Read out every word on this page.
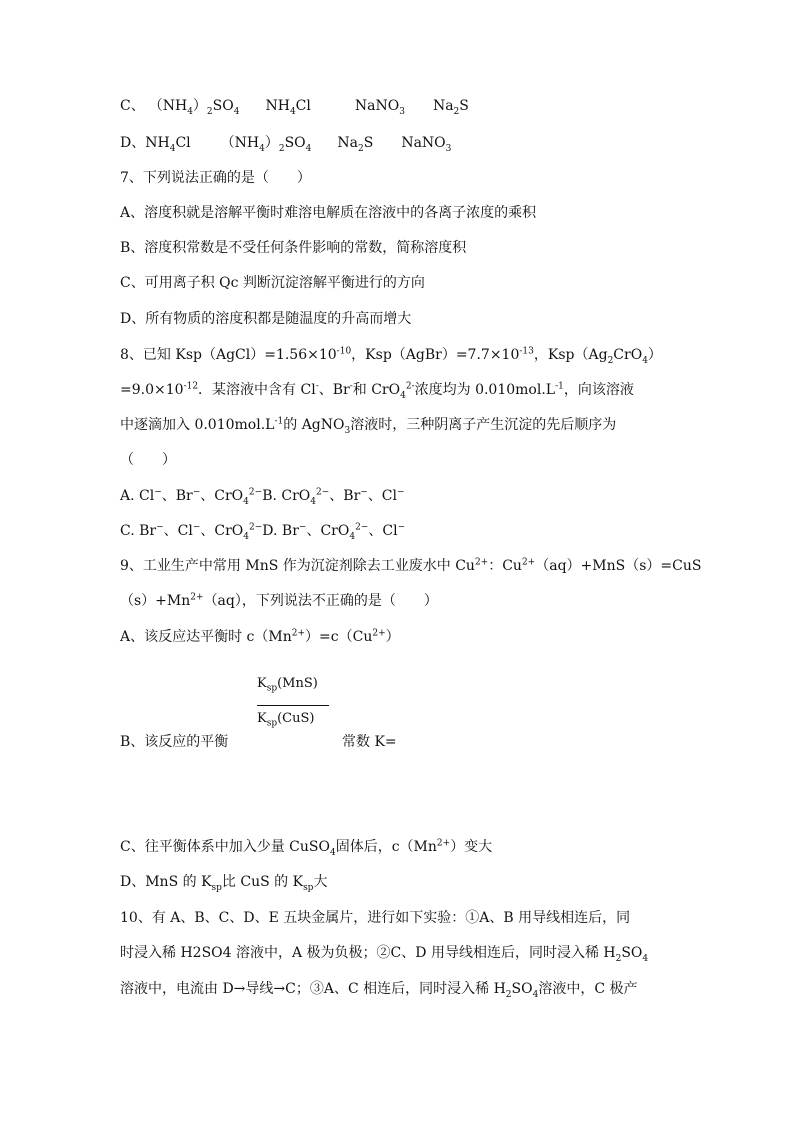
C、 $(NH_4)_2SO_4$ $NH_4Cl$	NaNO$_3$ $Na_2S$
D、$NH_4Cl$ $(NH_4)_2SO_4$ $Na_2S$ NaNO$_3$
7、下列说法正确的是（　　）
A、溶度积就是溶解平衡时难溶电解质在溶液中的各离子浓度的乘积
B、溶度积常数是不受任何条件影响的常数，简称溶度积
C、可用离子积 Qc 判断沉淀溶解平衡进行的方向
D、所有物质的溶度积都是随温度的升高而增大
8、已知 $Ksp(AgCl)=1.56\times 10^{-10}$，$Ksp(AgBr)=7.7\times 10^{-13}$，$Ksp(Ag_2CrO_4)$
$=9.0\times 10^{-12}$．某溶液中含有 Cl-、Br-和 CrO$_4^{2-}$浓度均为 $0.010mol.L^{-1}$，向该溶液
中逐滴加入 $0.010mol.L^{-1}$的 AgNO$_3$溶液时，三种阴离子产生沉淀的先后顺序为
（　　）
A. Cl−、Br−、CrO$_4^{2-}$B. CrO$_4^{2-}$、Br−、Cl−
C. Br−、Cl−、CrO$_4^{2-}$D. Br−、CrO$_4^{2-}$、Cl−
9、工业生产中常用 MnS 作为沉淀剂除去工业废水中 $Cu^{2+}$：$Cu^{2+}(aq)+MnS(s)=CuS$
$(s)+Mn^{2+}(aq)$，下列说法不正确的是（　　）
A、该反应达平衡时 $c(Mn^{2+})=c(Cu^{2+})$
$K_{sp}(MnS)$
$K_{sp}(CuS)$
B、该反应的平衡	常数 K=
C、往平衡体系中加入少量 CuSO$_4$固体后，$c(Mn^{2+})$变大
D、MnS 的 $K_{sp}$比 CuS 的 $K_{sp}$大
10、有 A、B、C、D、E 五块金属片，进行如下实验：①A、B 用导线相连后，同
时浸入稀 H2SO4 溶液中，A 极为负极；②C、D 用导线相连后，同时浸入稀 $H_2SO_4$
溶液中，电流由 D→导线→C；③A、C 相连后，同时浸入稀 $H_2SO_4$溶液中，C 极产
